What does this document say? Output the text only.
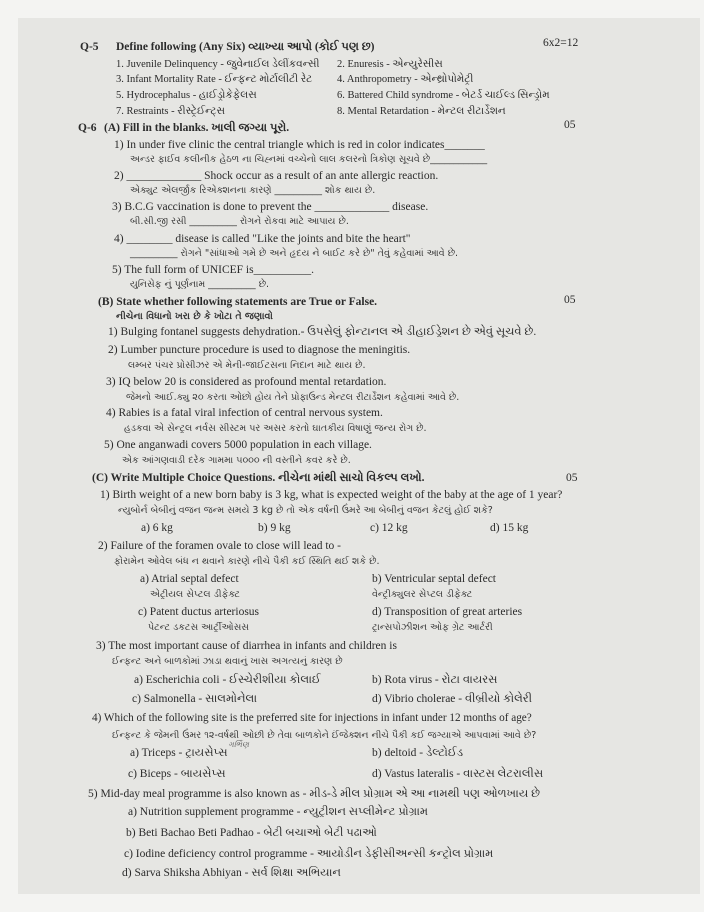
Q-5 Define following (Any Six) વ્યાખ્યા આપો (કોઈ પણ છ)	6x2=12
1. Juvenile Delinquency - જુવેનાઈલ ડેલીંકવન્સી 2. Enuresis - એન્યુરેસીસ
3. Infant Mortality Rate - ઈન્ફન્ટ મોર્ટાલીટી રેટ 4. Anthropometry - એન્થ્રોપોમેટ્રી
5. Hydrocephalus - હાઈડ્રોકેફેલસ	6. Battered Child syndrome - બેટર્ડ ચાઈલ્ડ સિન્ડ્રોમ
7. Restraints - રીસ્ટ્રેઈન્ટ્સ	8. Mental Retardation - મેન્ટલ રીટાર્ડેશન
Q-6 (A) Fill in the blanks. ખાલી જગ્યા પૂરો.	05
1) In under five clinic the central triangle which is red in color indicates_______
અન્ડર ફાઈવ કલીનીક હેઠળ ના ચિહ્નમાં વચ્ચેનો લાલ કલરનો ત્રિકોણ સૂચવે છે____________
2) _____________ Shock occur as a result of an ante allergic reaction.
એક્યુટ એલર્જીક રિએક્શનના કારણે __________ શોક થાય છે.
3) B.C.G vaccination is done to prevent the _____________ disease.
બી.સી.જી રસી __________ રોગને રોકવા માટે આપાય છે.
4) ________ disease is called "Like the joints and bite the heart"
__________ રોગને "સાંધાઓ ગમે છે અને હૃદય ને બાઈટ કરે છે" તેવું કહેવામાં આવે છે.
5) The full form of UNICEF is__________.
યુનિસેફ નું પૂર્ણનામ __________ છે.
(B) State whether following statements are True or False.	05
નીચેના વિધાનો ખરા છે કે ખોટા તે જણાવો
1) Bulging fontanel suggests dehydration.- ઉપસેલું ફોન્ટાનલ એ ડીહાઈડ્રેશન છે એવું સૂચવે છે.
2) Lumber puncture procedure is used to diagnose the meningitis.
લમ્બર પંચર પ્રોસીઝર એ મેની-જાઈટસના નિદાન માટે થાય છે.
3) IQ below 20 is considered as profound mental retardation.
જેમનો આઈ.ક્યુ ૨૦ કરતા ઓછો હોય તેને પ્રોફાઉન્ડ મેન્ટલ રીટાર્ડેશન કહેવામાં આવે છે.
4) Rabies is a fatal viral infection of central nervous system.
હડકવા એ સેન્ટ્રલ નર્વસ સીસ્ટમ પર અસર કરતો ઘાતકીય વિષાણું જન્ય રોગ છે.
5) One anganwadi covers 5000 population in each village.
એક આંગણવાડી દરેક ગામમા ૫૦૦૦ ની વસ્તીને કવર કરે છે.
(C) Write Multiple Choice Questions. નીચેના માંથી સાચો વિકલ્પ લખો.	05
1) Birth weight of a new born baby is 3 kg, what is expected weight of the baby at the age of 1 year?
ન્યુબોર્ન બેબીનું વજન જન્મ સમયે 3 kg છે તો એક વર્ષની ઉંમરે આ બેબીનું વજન કેટલું હોઈ શકે?
a) 6 kg	b) 9 kg	c) 12 kg	d) 15 kg
2) Failure of the foramen ovale to close will lead to -
ફોરામેન ઓવેલ બંધ ન થવાને કારણે નીચે પૈકી કઈ સ્થિતિ થઈ શકે છે.
a) Atrial septal defect
એટ્રીયલ સેપ્ટલ ડીફેક્ટ
b) Ventricular septal defect
વેન્ટ્રીક્યુલર સેપ્ટલ ડીફેક્ટ
c) Patent ductus arteriosus
પેટન્ટ ડકટસ આર્ટ્રીઓસસ
d) Transposition of great arteries
ટ્રાન્સપોઝીશન ઓફ ગ્રેટ આર્ટરી
3) The most important cause of diarrhea in infants and children is
ઈન્ફન્ટ અને બાળકોમાં ઝાડા થવાનું ખાસ અગત્યનું કારણ છે
a) Escherichia coli - ઈસ્ચેરીશીયા કોલાઈ	b) Rota virus - રોટા વાયરસ
c) Salmonella - સાલમોનેલા	d) Vibrio cholerae - વીબ્રીયો કોલેરી
4) Which of the following site is the preferred site for injections in infant under 12 months of age?
ઈન્ફન્ટ કે જેમની ઉંમર ૧૨-વર્ષથી ઓછી છે તેવા બાળકોને ઈંજેક્શન નીચે પૈકી કઈ જગ્યાએ આપવામાં આવે છે?
a) Triceps - ટ્રાયસેપ્સ
ગર્ભિણ
b) deltoid - ડેલ્ટોઈડ
c) Biceps - બાયસેપ્સ	d) Vastus lateralis - વાસ્ટસ લેટરાલીસ
5) Mid-day meal programme is also known as - મીડ-ડે મીલ પ્રોગ્રામ એ આ નામથી પણ ઓળખાય છે
a) Nutrition supplement programme - ન્યુટ્રીશન સપ્લીમેન્ટ પ્રોગ્રામ
b) Beti Bachao Beti Padhao - બેટી બચાઓ બેટી પઢાઓ
c) Iodine deficiency control programme - આયોડીન ડેફીસીઅન્સી કન્ટ્રોલ પ્રોગ્રામ
d) Sarva Shiksha Abhiyan - સર્વ શિક્ષા અભિયાન
